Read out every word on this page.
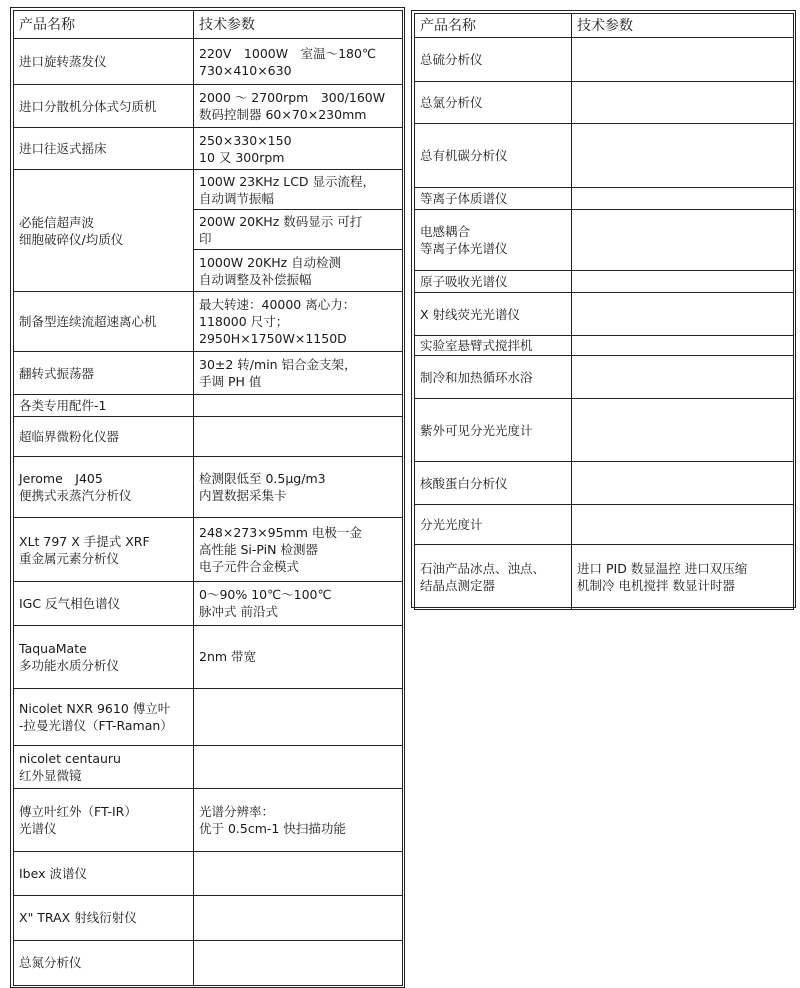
产品名称	技术参数
进口旋转蒸发仪	220V　1000W　室温～180℃
730×410×630
进口分散机分体式匀质机	2000 ～ 2700rpm　300/160W
数码控制器 60×70×230mm
进口往返式摇床	250×330×150
10 又 300rpm
必能信超声波
细胞破碎仪/均质仪	100W 23KHz LCD 显示流程，
自动调节振幅
	200W 20KHz 数码显示 可打
印
	1000W 20KHz 自动检测
自动调整及补偿振幅
制备型连续流超速离心机	最大转速：40000 离心力：
118000 尺寸；
2950H×1750W×1150D
翻转式振荡器	30±2 转/min 铝合金支架，
手调 PH 值
各类专用配件-1	
超临界微粉化仪器	
Jerome　J405
便携式汞蒸汽分析仪	检测限低至 0.5μg/m3
内置数据采集卡
XLt 797 X 手提式 XRF
重金属元素分析仪	248×273×95mm 电极一金
高性能 Si-PiN 检测器
电子元件合金模式
IGC 反气相色谱仪	0～90% 10℃～100℃
脉冲式 前沿式
TaquaMate
多功能水质分析仪	2nm 带宽
Nicolet NXR 9610 傅立叶
-拉曼光谱仪（FT-Raman）	
nicolet centauru
红外显微镜	
傅立叶红外（FT-IR）
光谱仪	光谱分辨率：
优于 0.5cm-1 快扫描功能
Ibex 波谱仪	
X" TRAX 射线衍射仪	
总氮分析仪	
产品名称	技术参数
总硫分析仪	
总氯分析仪	
总有机碳分析仪	
等离子体质谱仪	
电感耦合
等离子体光谱仪	
原子吸收光谱仪	
X 射线荧光光谱仪	
实验室悬臂式搅拌机	
制冷和加热循环水浴	
紫外可见分光光度计	
核酸蛋白分析仪	
分光光度计	
石油产品冰点、浊点、
结晶点测定器	进口 PID 数显温控 进口双压缩
机制冷 电机搅拌 数显计时器
